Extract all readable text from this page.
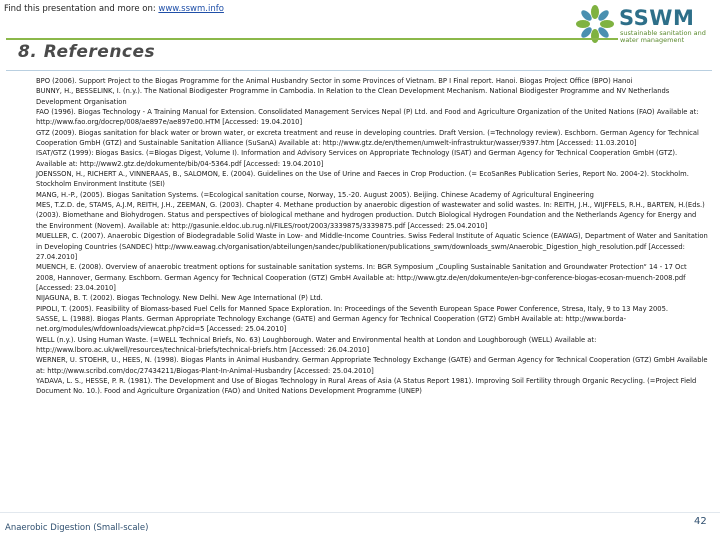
Find this presentation and more on: www.sswm.info	SSWM
sustainable sanitation and water management
8. References

BPO (2006). Support Project to the Biogas Programme for the Animal Husbandry Sector in some Provinces of Vietnam. BP I Final report. Hanoi. Biogas Project Office (BPO) Hanoi

BUNNY, H., BESSELINK, I. (n.y.). The National Biodigester Programme in Cambodia. In Relation to the Clean Development Mechanism. National Biodigester Programme and NV Netherlands Development Organisation

FAO (1996). Biogas Technology - A Training Manual for Extension. Consolidated Management Services Nepal (P) Ltd. and Food and Agriculture Organization of the United Nations (FAO) Available at: http://www.fao.org/docrep/008/ae897e/ae897e00.HTM [Accessed: 19.04.2010]

GTZ (2009). Biogas sanitation for black water or brown water, or excreta treatment and reuse in developing countries. Draft Version. (=Technology review). Eschborn. German Agency for Technical Cooperation GmbH (GTZ) and Sustainable Sanitation Alliance (SuSanA) Available at: http://www.gtz.de/en/themen/umwelt-infrastruktur/wasser/9397.htm [Accessed: 11.03.2010]

ISAT/GTZ (1999): Biogas Basics. (=Biogas Digest, Volume I). Information and Advisory Services on Appropriate Technology (ISAT) and German Agency for Technical Cooperation GmbH (GTZ). Available at: http://www2.gtz.de/dokumente/bib/04-5364.pdf [Accessed: 19.04.2010]

JOENSSON, H., RICHERT A., VINNERAAS, B., SALOMON, E. (2004). Guidelines on the Use of Urine and Faeces in Crop Production. (= EcoSanRes Publication Series, Report No. 2004-2). Stockholm. Stockholm Environment Institute (SEI)

MANG, H.-P., (2005). Biogas Sanitation Systems. (=Ecological sanitation course, Norway, 15.-20. August 2005). Beijing. Chinese Academy of Agricultural Engineering

MES, T.Z.D. de, STAMS, A.J.M, REITH, J.H., ZEEMAN, G. (2003). Chapter 4. Methane production by anaerobic digestion of wastewater and solid wastes. In: REITH, J.H., WIJFFELS, R.H., BARTEN, H.(Eds.) (2003). Biomethane and Biohydrogen. Status and perspectives of biological methane and hydrogen production. Dutch Biological Hydrogen Foundation and the Netherlands Agency for Energy and the Environment (Novem). Available at: http://gasunie.eldoc.ub.rug.nl/FILES/root/2003/3339875/3339875.pdf [Accessed: 25.04.2010]

MUELLER, C. (2007). Anaerobic Digestion of Biodegradable Solid Waste in Low- and Middle-Income Countries. Swiss Federal Institute of Aquatic Science (EAWAG), Department of Water and Sanitation in Developing Countries (SANDEC) http://www.eawag.ch/organisation/abteilungen/sandec/publikationen/publications_swm/downloads_swm/Anaerobic_Digestion_high_resolution.pdf [Accessed: 27.04.2010]

MUENCH, E. (2008). Overview of anaerobic treatment options for sustainable sanitation systems. In: BGR Symposium „Coupling Sustainable Sanitation and Groundwater Protection“ 14 - 17 Oct 2008, Hannover, Germany. Eschborn. German Agency for Technical Cooperation (GTZ) GmbH Available at: http://www.gtz.de/en/dokumente/en-bgr-conference-biogas-ecosan-muench-2008.pdf [Accessed: 23.04.2010]

NIJAGUNA, B. T. (2002). Biogas Technology. New Delhi. New Age International (P) Ltd.

PIPOLI, T. (2005). Feasibility of Biomass-based Fuel Cells for Manned Space Exploration. In: Proceedings of the Seventh European Space Power Conference, Stresa, Italy, 9 to 13 May 2005.

SASSE, L. (1988). Biogas Plants. German Appropriate Technology Exchange (GATE) and German Agency for Technical Cooperation (GTZ) GmbH Available at: http://www.borda-net.org/modules/wfdownloads/viewcat.php?cid=5 [Accessed: 25.04.2010]

WELL (n.y.). Using Human Waste. (=WELL Technical Briefs, No. 63) Loughborough. Water and Environmental health at London and Loughborough (WELL) Available at: http://www.lboro.ac.uk/well/resources/technical-briefs/technical-briefs.htm [Accessed: 26.04.2010]

WERNER, U. STOEHR, U., HEES, N. (1998). Biogas Plants in Animal Husbandry. German Appropriate Technology Exchange (GATE) and German Agency for Technical Cooperation (GTZ) GmbH Available at: http://www.scribd.com/doc/27434211/Biogas-Plant-In-Animal-Husbandry [Accessed: 25.04.2010]

YADAVA, L. S., HESSE, P. R. (1981). The Development and Use of Biogas Technology in Rural Areas of Asia (A Status Report 1981). Improving Soil Fertility through Organic Recycling. (=Project Field Document No. 10.). Food and Agriculture Organization (FAO) and United Nations Development Programme (UNEP)

Anaerobic Digestion (Small-scale)
42
